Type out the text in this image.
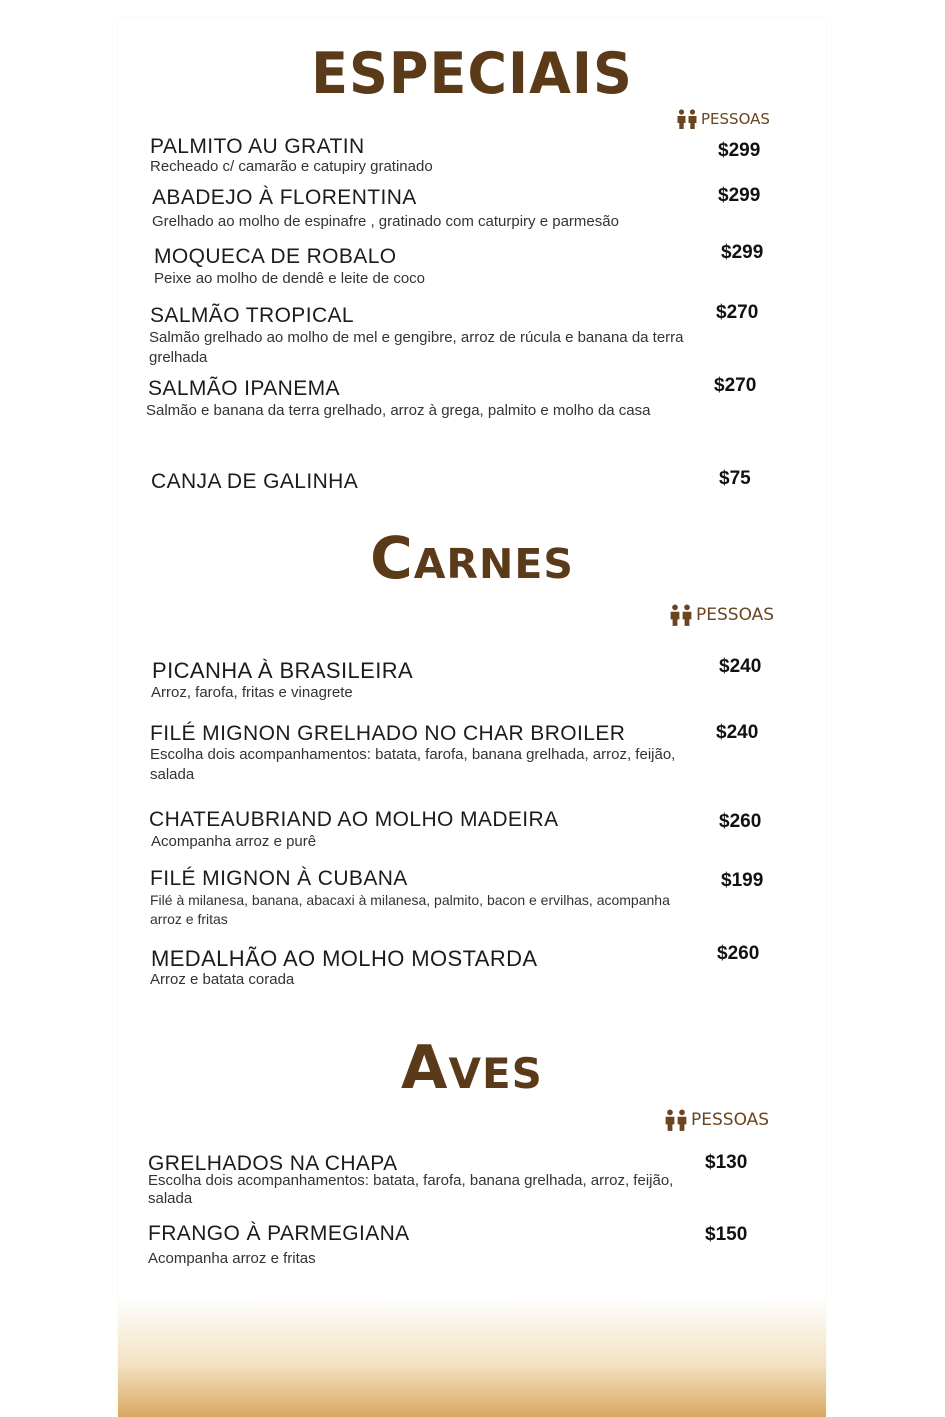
ESPECIAIS
PESSOAS
PALMITO AU GRATIN
Recheado c/ camarão e catupiry gratinado
$299
ABADEJO À FLORENTINA
Grelhado ao molho de espinafre , gratinado com caturpiry e parmesão
$299
MOQUECA DE ROBALO
Peixe ao molho de dendê e leite de coco
$299
SALMÃO TROPICAL
Salmão grelhado ao molho de mel e gengibre, arroz de rúcula e banana da terra grelhada
$270
SALMÃO IPANEMA
Salmão e banana da terra grelhado, arroz à grega, palmito e molho da casa
$270
CANJA DE GALINHA	$75
Carnes
PESSOAS
PICANHA À BRASILEIRA
Arroz, farofa, fritas e vinagrete
$240
FILÉ MIGNON GRELHADO NO CHAR BROILER
Escolha dois acompanhamentos: batata, farofa, banana grelhada, arroz, feijão, salada
$240
CHATEAUBRIAND AO MOLHO MADEIRA
Acompanha arroz e purê
$260
FILÉ MIGNON À CUBANA
Filé à milanesa, banana, abacaxi à milanesa, palmito, bacon e ervilhas, acompanha arroz e fritas
$199
MEDALHÃO AO MOLHO MOSTARDA
Arroz e batata corada
$260
Aves
PESSOAS
GRELHADOS NA CHAPA
Escolha dois acompanhamentos: batata, farofa, banana grelhada, arroz, feijão, salada
$130
FRANGO À PARMEGIANA
Acompanha arroz e fritas
$150
